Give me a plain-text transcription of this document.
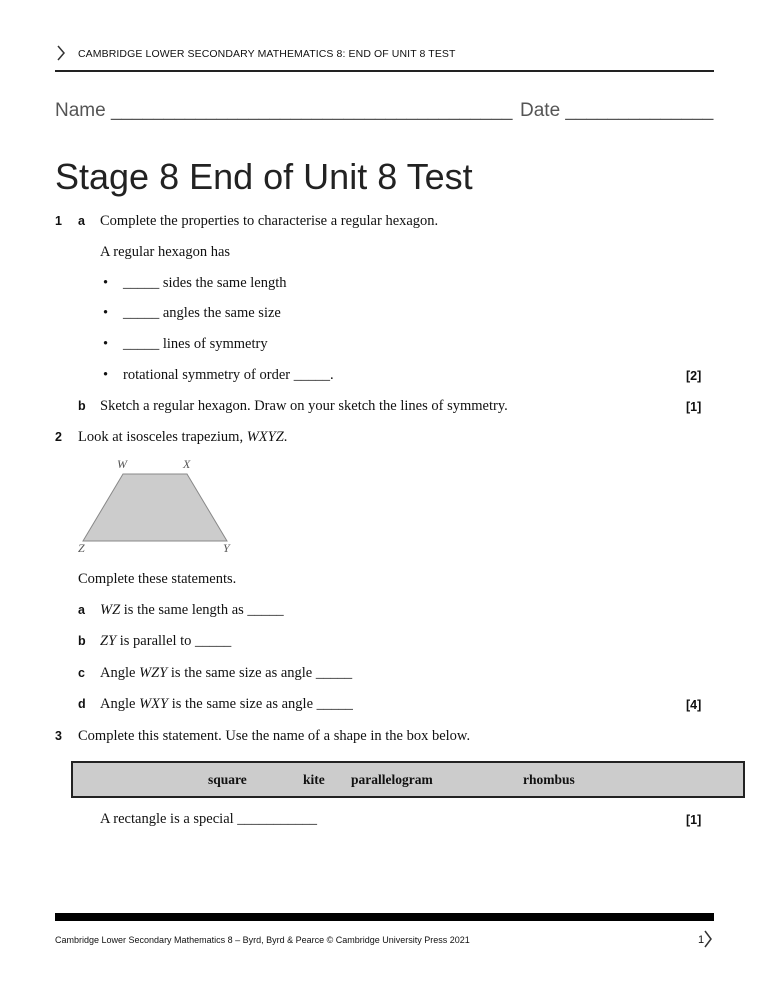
CAMBRIDGE LOWER SECONDARY MATHEMATICS 8: END OF UNIT 8 TEST
Name ______________________________________ Date ______________
Stage 8 End of Unit 8 Test
1 a Complete the properties to characterise a regular hexagon.
A regular hexagon has
• _____ sides the same length
• _____ angles the same size
• _____ lines of symmetry
• rotational symmetry of order _____.	[2]
b Sketch a regular hexagon. Draw on your sketch the lines of symmetry.	[1]
2 Look at isosceles trapezium, WXYZ.
W	X
Y
Z
Complete these statements.
a WZ is the same length as _____
b ZY is parallel to _____
c Angle WZY is the same size as angle _____
d Angle WXY is the same size as angle _____	[4]
3 Complete this statement. Use the name of a shape in the box below.
square	kite parallelogram	rhombus
A rectangle is a special ___________	[1]
Cambridge Lower Secondary Mathematics 8 – Byrd, Byrd & Pearce © Cambridge University Press 2021	1
